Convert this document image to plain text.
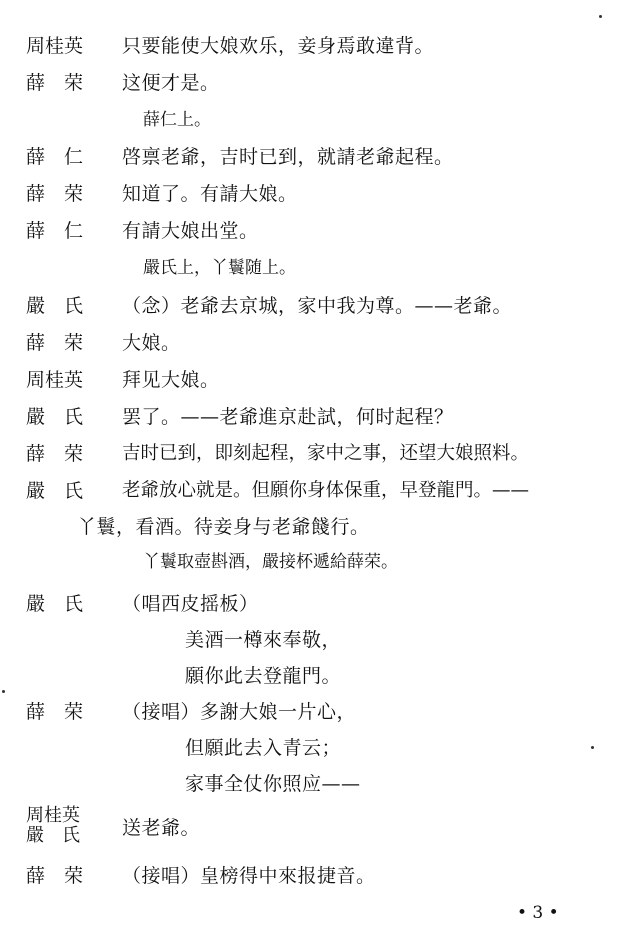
周桂英 只要能使大娘欢乐，妾身焉敢違背。
薛　荣 这便才是。
薛仁上。
薛　仁 啓禀老爺，吉时已到，就請老爺起程。
薛　荣 知道了。有請大娘。
薛　仁 有請大娘出堂。
嚴氏上，丫鬟随上。
嚴　氏 （念）老爺去京城，家中我为尊。——老爺。
薛　荣 大娘。
周桂英 拜见大娘。
嚴　氏 罢了。——老爺進京赴試，何时起程？
薛　荣 吉时已到，即刻起程，家中之事，还望大娘照料。
嚴　氏 老爺放心就是。但願你身体保重，早登龍門。——
丫鬟，看酒。待妾身与老爺餞行。
丫鬟取壺斟酒，嚴接杯遞給薛荣。
嚴　氏 （唱西皮摇板）
美酒一樽來奉敬，
願你此去登龍門。
薛　荣 （接唱）多謝大娘一片心，
但願此去入青云；
家事全仗你照应——
周桂英
嚴　氏 送老爺。
薛　荣 （接唱）皇榜得中來报捷音。
• 3 •
